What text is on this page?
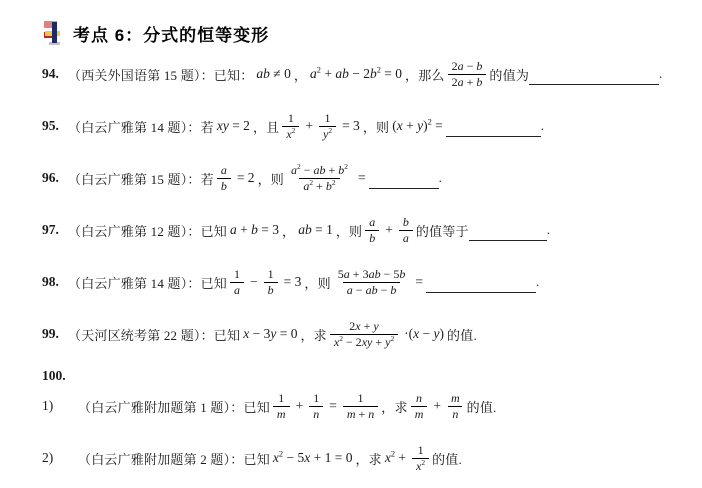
考点 6：分式的恒等变形
94. （西关外国语第 15 题）：已知： ab ≠ 0 ， $a^2$ + ab − $2b^2 = 0$ ，那么 $\frac{2a - b}{2a + b}$ 的值为	.
95. （白云广雅第 14 题）：若 xy = 2 ，且 $\frac{1}{x^2} + \frac{1}{y^2} = 3$ ，则 $(x + y)^2$ =	.
96. （白云广雅第 15 题）：若 $\frac{a}{b} = 2$ ，则 $\frac{a^2 - ab + b^2}{a^2 + b^2}$ =	.
97. （白云广雅第 12 题）：已知 a + b = 3 ， ab = 1 ，则 $\frac{a}{b} + \frac{b}{a}$ 的值等于	.
98. （白云广雅第 14 题）：已知 $\frac{1}{a} - \frac{1}{b} = 3$ ，则 $\frac{5a + 3ab - 5b}{a - ab - b}$ =	.
99. （天河区统考第 22 题）：已知 x − 3y = 0 ，求 $\frac{2x + y}{x^2 - 2xy + y^2} \cdot(x - y)$ 的值.
100.
1)	（白云广雅附加题第 1 题）：已知 $\frac{1}{m} + \frac{1}{n} = \frac{1}{m + n}$ ，求 $\frac{n}{m} + \frac{m}{n}$ 的值.
2)	（白云广雅附加题第 2 题）：已知 $x^2 - 5x + 1 = 0$ ，求 $x^2 + \frac{1}{x^2}$ 的值.
